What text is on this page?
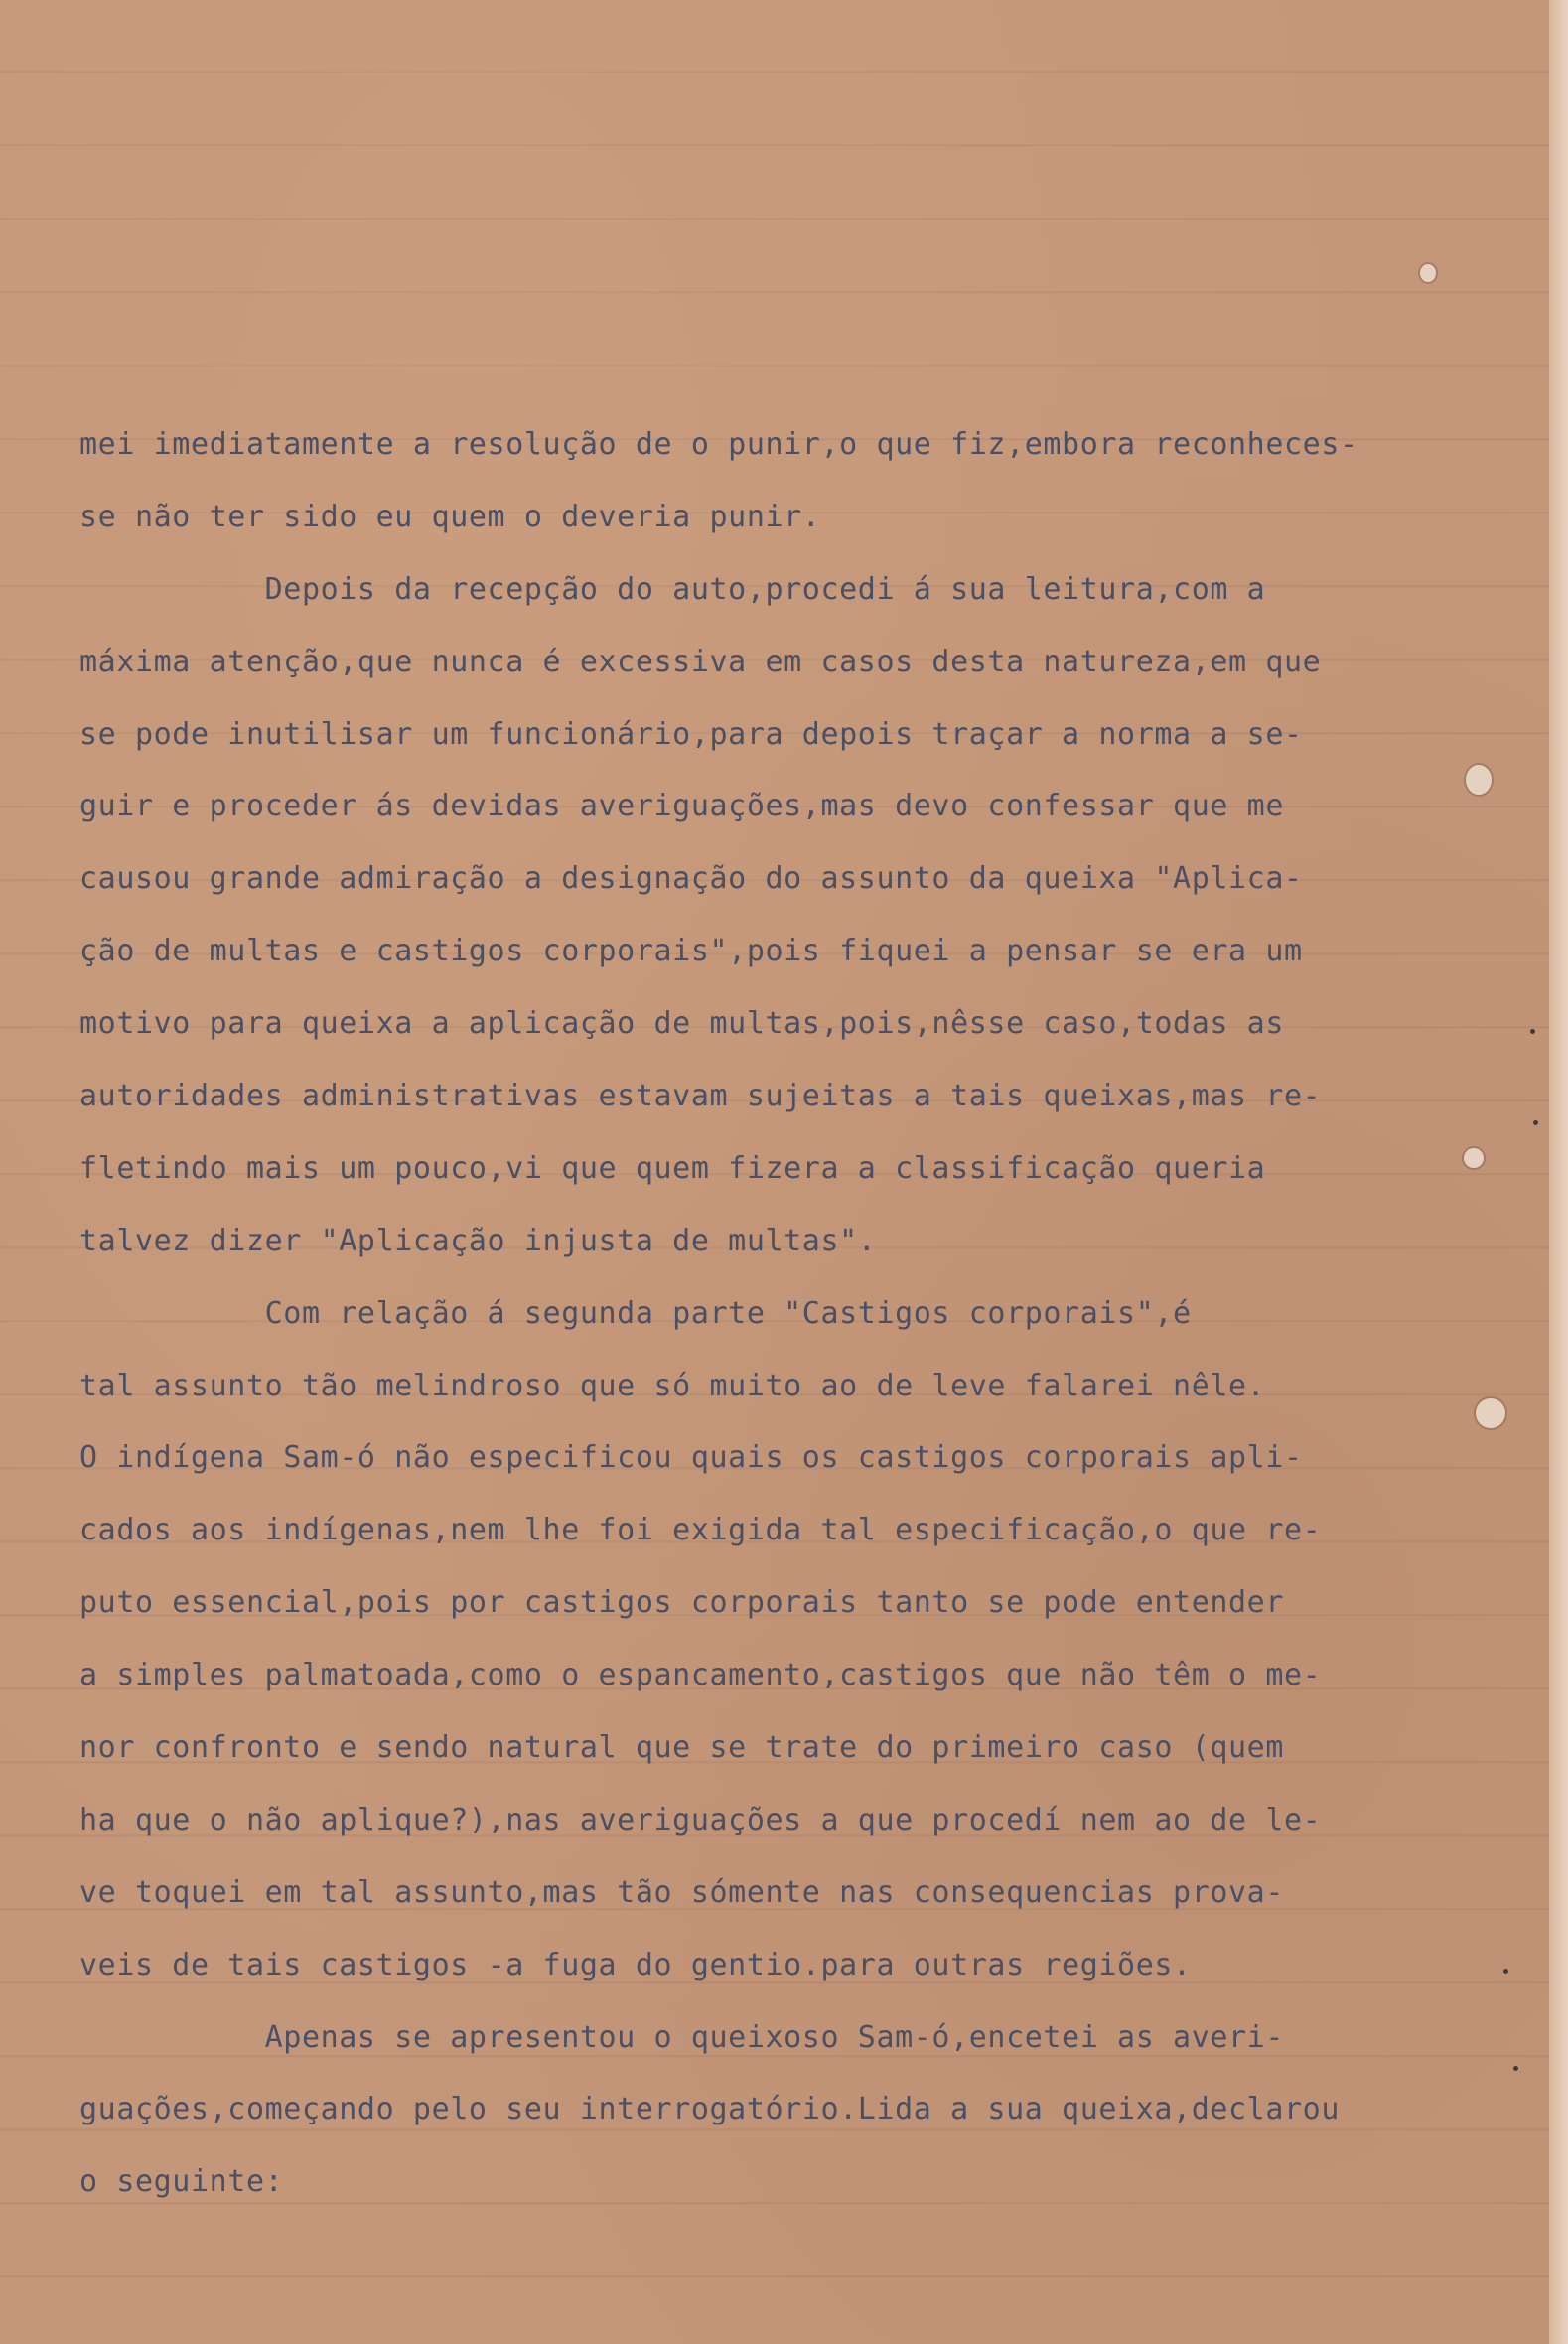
mei imediatamente a resolução de o punir,o que fiz,embora reconheces-
se não ter sido eu quem o deveria punir.
Depois da recepção do auto,procedi á sua leitura,com a
máxima atenção,que nunca é excessiva em casos desta natureza,em que
se pode inutilisar um funcionário,para depois traçar a norma a se-
guir e proceder ás devidas averiguações,mas devo confessar que me
causou grande admiração a designação do assunto da queixa "Aplica-
ção de multas e castigos corporais",pois fiquei a pensar se era um
motivo para queixa a aplicação de multas,pois,nêsse caso,todas as
autoridades administrativas estavam sujeitas a tais queixas,mas re-
fletindo mais um pouco,vi que quem fizera a classificação queria
talvez dizer "Aplicação injusta de multas".
Com relação á segunda parte "Castigos corporais",é
tal assunto tão melindroso que só muito ao de leve falarei nêle.
O indígena Sam-ó não especificou quais os castigos corporais apli-
cados aos indígenas,nem lhe foi exigida tal especificação,o que re-
puto essencial,pois por castigos corporais tanto se pode entender
a simples palmatoada,como o espancamento,castigos que não têm o me-
nor confronto e sendo natural que se trate do primeiro caso (quem
ha que o não aplique?),nas averiguações a que procedí nem ao de le-
ve toquei em tal assunto,mas tão sómente nas consequencias prova-
veis de tais castigos -a fuga do gentio.para outras regiões.
Apenas se apresentou o queixoso Sam-ó,encetei as averi-
guações,começando pelo seu interrogatório.Lida a sua queixa,declarou
o seguinte:
